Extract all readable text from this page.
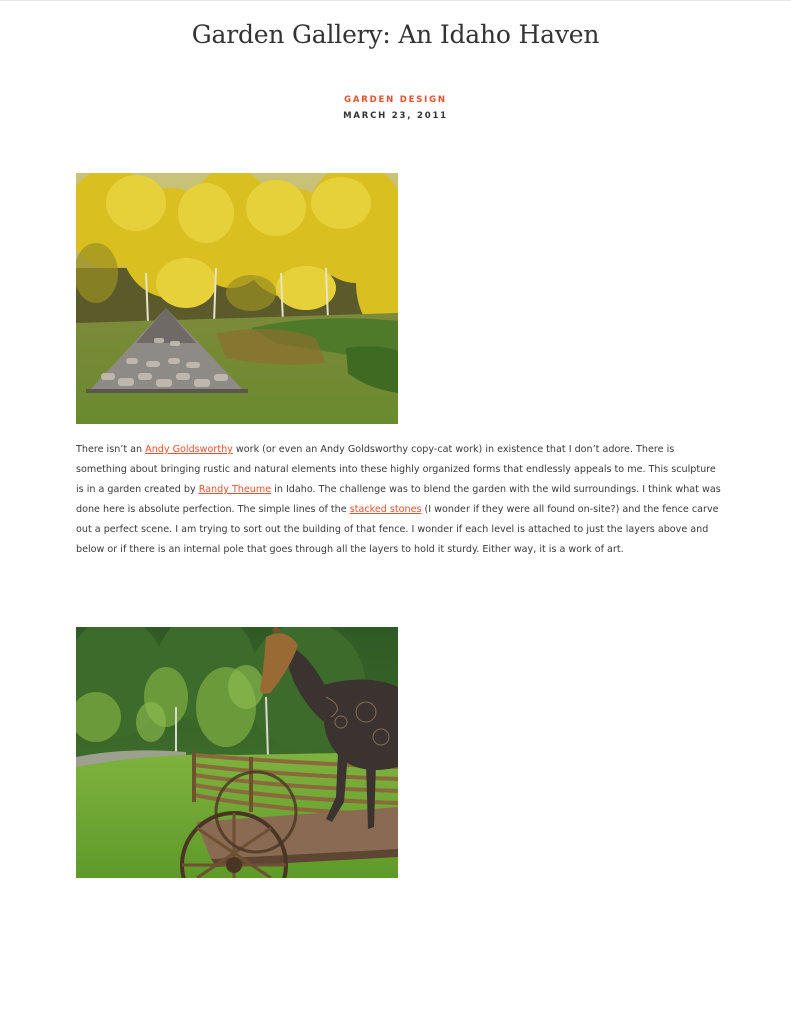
Garden Gallery: An Idaho Haven
GARDEN DESIGN
MARCH 23, 2011

There isn’t an Andy Goldsworthy work (or even an Andy Goldsworthy copy-cat work) in existence that I don’t adore. There is something about bringing rustic and natural elements into these highly organized forms that endlessly appeals to me. This sculpture is in a garden created by Randy Theume in Idaho. The challenge was to blend the garden with the wild surroundings. I think what was done here is absolute perfection. The simple lines of the stacked stones (I wonder if they were all found on-site?) and the fence carve out a perfect scene. I am trying to sort out the building of that fence. I wonder if each level is attached to just the layers above and below or if there is an internal pole that goes through all the layers to hold it sturdy. Either way, it is a work of art.
